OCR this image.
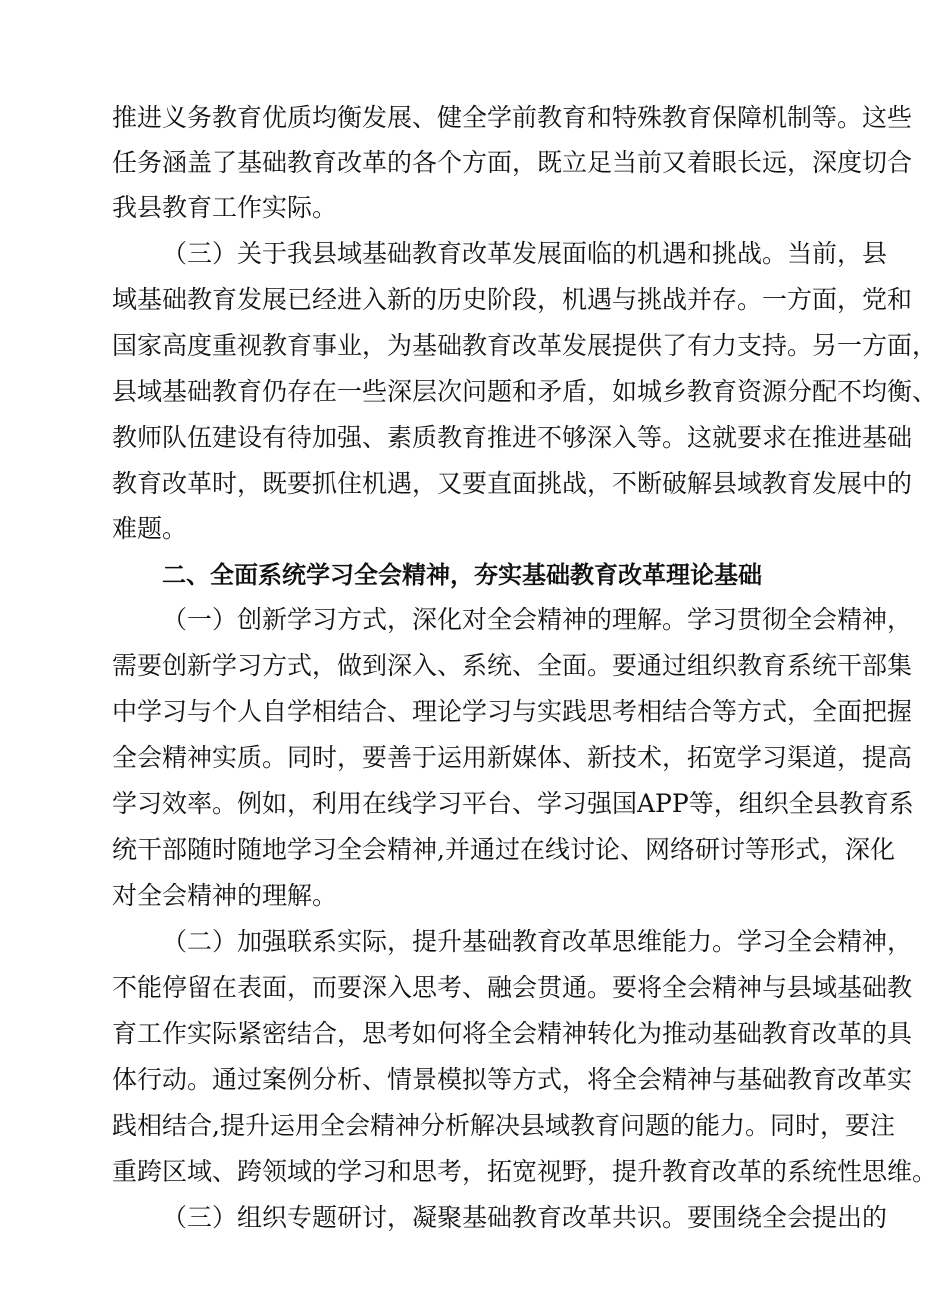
推进义务教育优质均衡发展、健全学前教育和特殊教育保障机制等。这些
任务涵盖了基础教育改革的各个方面，既立足当前又着眼长远，深度切合
我县教育工作实际。
（三）关于我县域基础教育改革发展面临的机遇和挑战。当前，县
域基础教育发展已经进入新的历史阶段，机遇与挑战并存。一方面，党和
国家高度重视教育事业，为基础教育改革发展提供了有力支持。另一方面，
县域基础教育仍存在一些深层次问题和矛盾，如城乡教育资源分配不均衡、
教师队伍建设有待加强、素质教育推进不够深入等。这就要求在推进基础
教育改革时，既要抓住机遇，又要直面挑战，不断破解县域教育发展中的
难题。
二、全面系统学习全会精神，夯实基础教育改革理论基础
（一）创新学习方式，深化对全会精神的理解。学习贯彻全会精神，
需要创新学习方式，做到深入、系统、全面。要通过组织教育系统干部集
中学习与个人自学相结合、理论学习与实践思考相结合等方式，全面把握
全会精神实质。同时，要善于运用新媒体、新技术，拓宽学习渠道，提高
学习效率。例如，利用在线学习平台、学习强国APP等，组织全县教育系
统干部随时随地学习全会精神,并通过在线讨论、网络研讨等形式，深化
对全会精神的理解。
（二）加强联系实际，提升基础教育改革思维能力。学习全会精神，
不能停留在表面，而要深入思考、融会贯通。要将全会精神与县域基础教
育工作实际紧密结合，思考如何将全会精神转化为推动基础教育改革的具
体行动。通过案例分析、情景模拟等方式，将全会精神与基础教育改革实
践相结合,提升运用全会精神分析解决县域教育问题的能力。同时，要注
重跨区域、跨领域的学习和思考，拓宽视野，提升教育改革的系统性思维。
（三）组织专题研讨，凝聚基础教育改革共识。要围绕全会提出的
